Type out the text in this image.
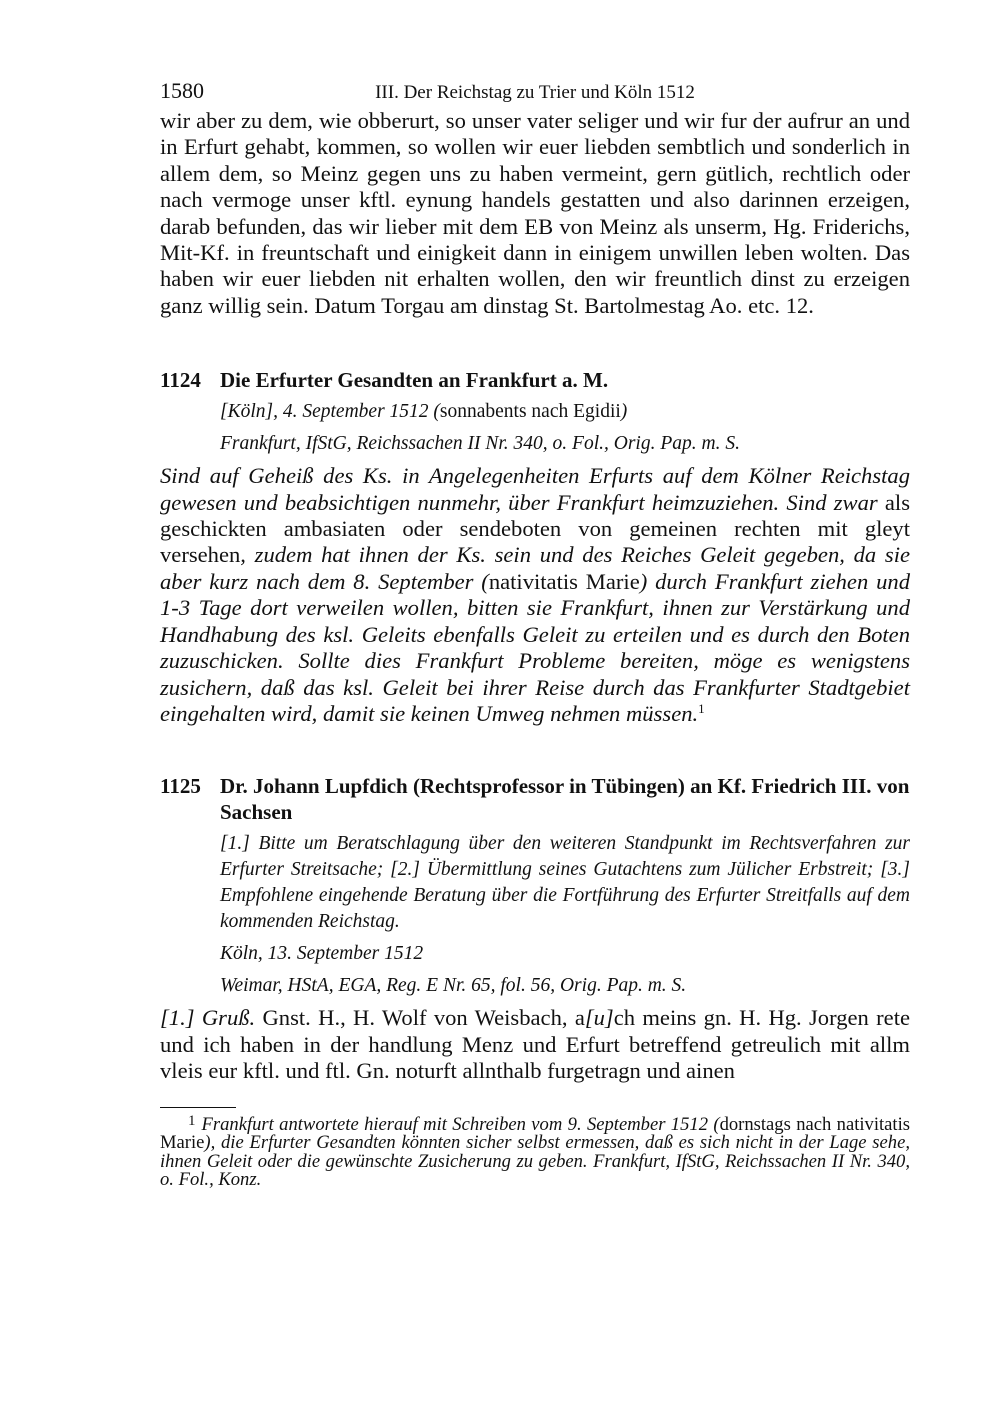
1580	III. Der Reichstag zu Trier und Köln 1512

wir aber zu dem, wie obberurt, so unser vater seliger und wir fur der aufrur an und in Erfurt gehabt, kommen, so wollen wir euer liebden sembtlich und sonderlich in allem dem, so Meinz gegen uns zu haben vermeint, gern gütlich, rechtlich oder nach vermoge unser kftl. eynung handels gestatten und also darinnen erzeigen, darab befunden, das wir lieber mit dem EB von Meinz als unserm, Hg. Friderichs, Mit-Kf. in freuntschaft und einigkeit dann in einigem unwillen leben wolten. Das haben wir euer liebden nit erhalten wollen, den wir freuntlich dinst zu erzeigen ganz willig sein. Datum Torgau am dinstag St. Bartolmestag Ao. etc. 12.

1124 Die Erfurter Gesandten an Frankfurt a. M.
[Köln], 4. September 1512 (sonnabents nach Egidii)
Frankfurt, IfStG, Reichssachen II Nr. 340, o. Fol., Orig. Pap. m. S.

Sind auf Geheiß des Ks. in Angelegenheiten Erfurts auf dem Kölner Reichstag gewesen und beabsichtigen nunmehr, über Frankfurt heimzuziehen. Sind zwar als geschickten ambasiaten oder sendeboten von gemeinen rechten mit gleyt versehen, zudem hat ihnen der Ks. sein und des Reiches Geleit gegeben, da sie aber kurz nach dem 8. September (nativitatis Marie) durch Frankfurt ziehen und 1-3 Tage dort verweilen wollen, bitten sie Frankfurt, ihnen zur Verstärkung und Handhabung des ksl. Geleits ebenfalls Geleit zu erteilen und es durch den Boten zuzuschicken. Sollte dies Frankfurt Probleme bereiten, möge es wenigstens zusichern, daß das ksl. Geleit bei ihrer Reise durch das Frankfurter Stadtgebiet eingehalten wird, damit sie keinen Umweg nehmen müssen.$^1$

1125 Dr. Johann Lupfdich (Rechtsprofessor in Tübingen) an Kf. Friedrich III. von Sachsen
[1.] Bitte um Beratschlagung über den weiteren Standpunkt im Rechtsverfahren zur Erfurter Streitsache; [2.] Übermittlung seines Gutachtens zum Jülicher Erbstreit; [3.] Empfohlene eingehende Beratung über die Fortführung des Erfurter Streitfalls auf dem kommenden Reichstag.
Köln, 13. September 1512
Weimar, HStA, EGA, Reg. E Nr. 65, fol. 56, Orig. Pap. m. S.

[1.] Gruß. Gnst. H., H. Wolf von Weisbach, a[u]ch meins gn. H. Hg. Jorgen rete und ich haben in der handlung Menz und Erfurt betreffend getreulich mit allm vleis eur kftl. und ftl. Gn. noturft allnthalb furgetragn und ainen

$^1$ Frankfurt antwortete hierauf mit Schreiben vom 9. September 1512 (dornstags nach nativitatis Marie), die Erfurter Gesandten könnten sicher selbst ermessen, daß es sich nicht in der Lage sehe, ihnen Geleit oder die gewünschte Zusicherung zu geben. Frankfurt, IfStG, Reichssachen II Nr. 340, o. Fol., Konz.
